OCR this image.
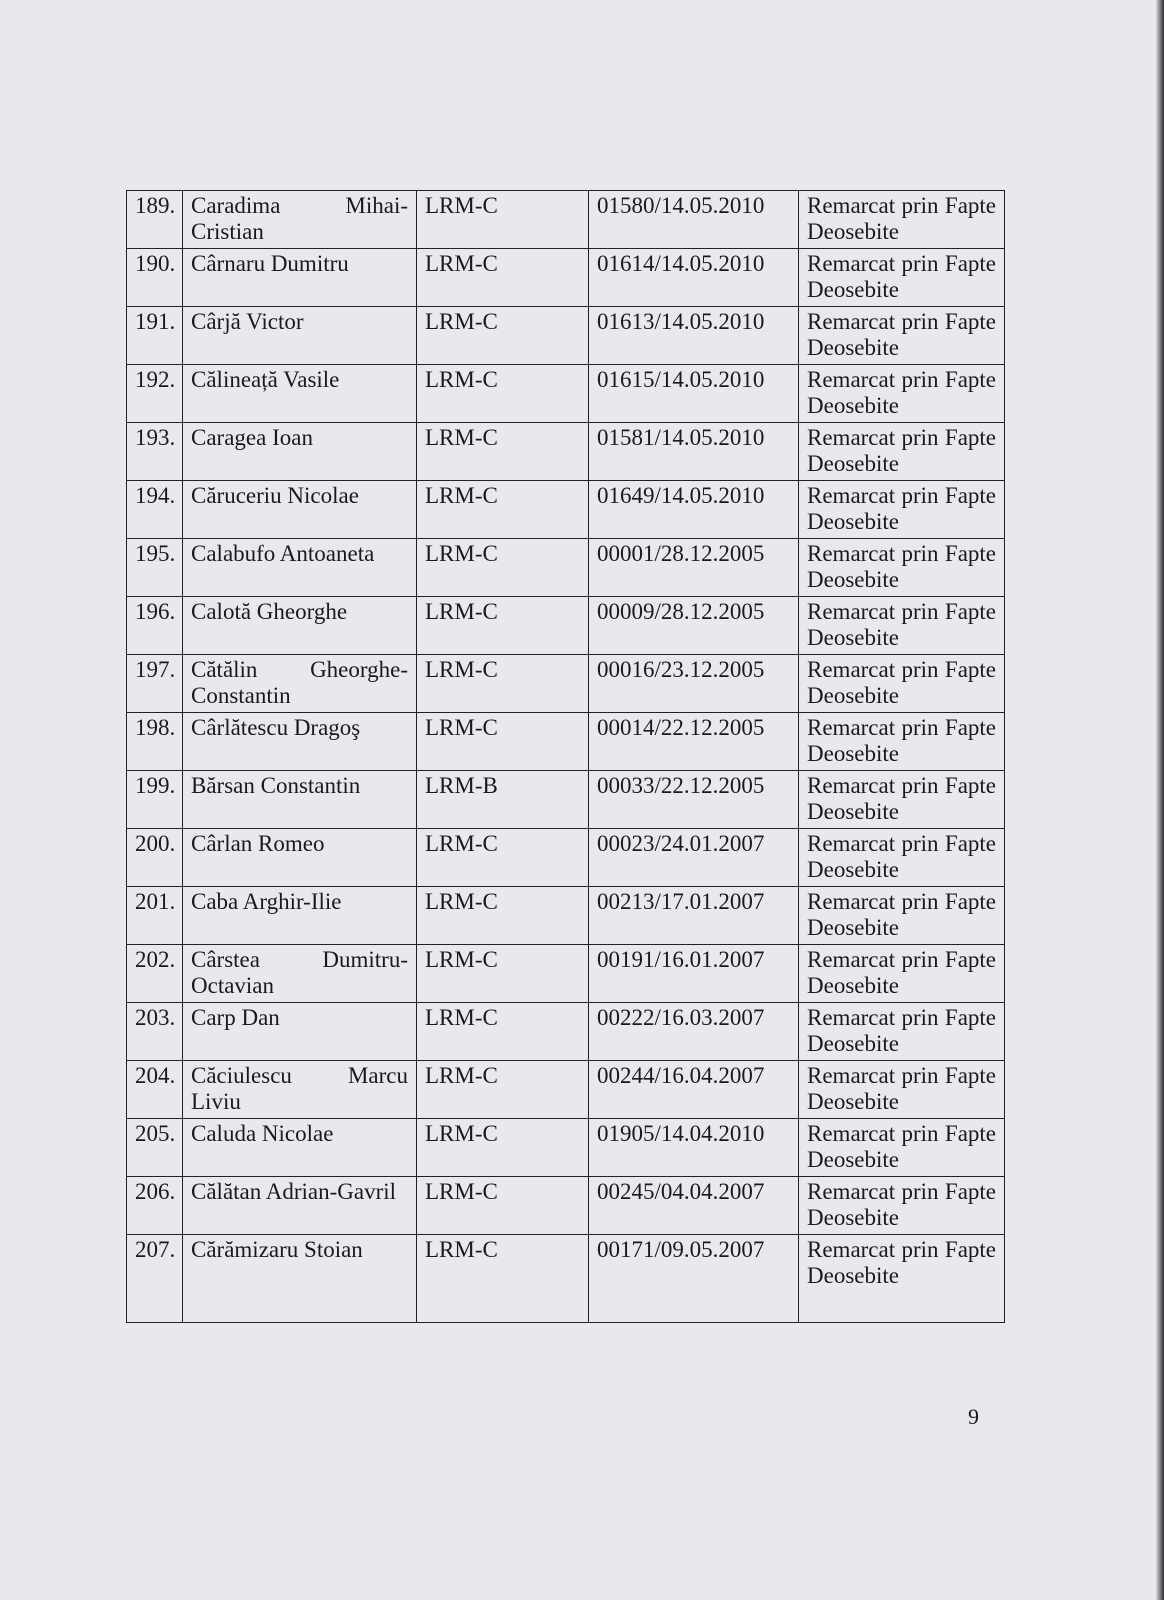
189.	Caradima Mihai-Cristian	LRM-C	01580/14.05.2010	Remarcat prin Fapte Deosebite
190.	Cârnaru Dumitru	LRM-C	01614/14.05.2010	Remarcat prin Fapte Deosebite
191.	Cârjă Victor	LRM-C	01613/14.05.2010	Remarcat prin Fapte Deosebite
192.	Călineață Vasile	LRM-C	01615/14.05.2010	Remarcat prin Fapte Deosebite
193.	Caragea Ioan	LRM-C	01581/14.05.2010	Remarcat prin Fapte Deosebite
194.	Căruceriu Nicolae	LRM-C	01649/14.05.2010	Remarcat prin Fapte Deosebite
195.	Calabufo Antoaneta	LRM-C	00001/28.12.2005	Remarcat prin Fapte Deosebite
196.	Calotă Gheorghe	LRM-C	00009/28.12.2005	Remarcat prin Fapte Deosebite
197.	Cătălin Gheorghe-Constantin	LRM-C	00016/23.12.2005	Remarcat prin Fapte Deosebite
198.	Cârlătescu Dragoş	LRM-C	00014/22.12.2005	Remarcat prin Fapte Deosebite
199.	Bărsan Constantin	LRM-B	00033/22.12.2005	Remarcat prin Fapte Deosebite
200.	Cârlan Romeo	LRM-C	00023/24.01.2007	Remarcat prin Fapte Deosebite
201.	Caba Arghir-Ilie	LRM-C	00213/17.01.2007	Remarcat prin Fapte Deosebite
202.	Cârstea Dumitru-Octavian	LRM-C	00191/16.01.2007	Remarcat prin Fapte Deosebite
203.	Carp Dan	LRM-C	00222/16.03.2007	Remarcat prin Fapte Deosebite
204.	Căciulescu Marcu Liviu	LRM-C	00244/16.04.2007	Remarcat prin Fapte Deosebite
205.	Caluda Nicolae	LRM-C	01905/14.04.2010	Remarcat prin Fapte Deosebite
206.	Călătan Adrian-Gavril	LRM-C	00245/04.04.2007	Remarcat prin Fapte Deosebite
207.	Cărămizaru Stoian	LRM-C	00171/09.05.2007	Remarcat prin Fapte Deosebite
9
